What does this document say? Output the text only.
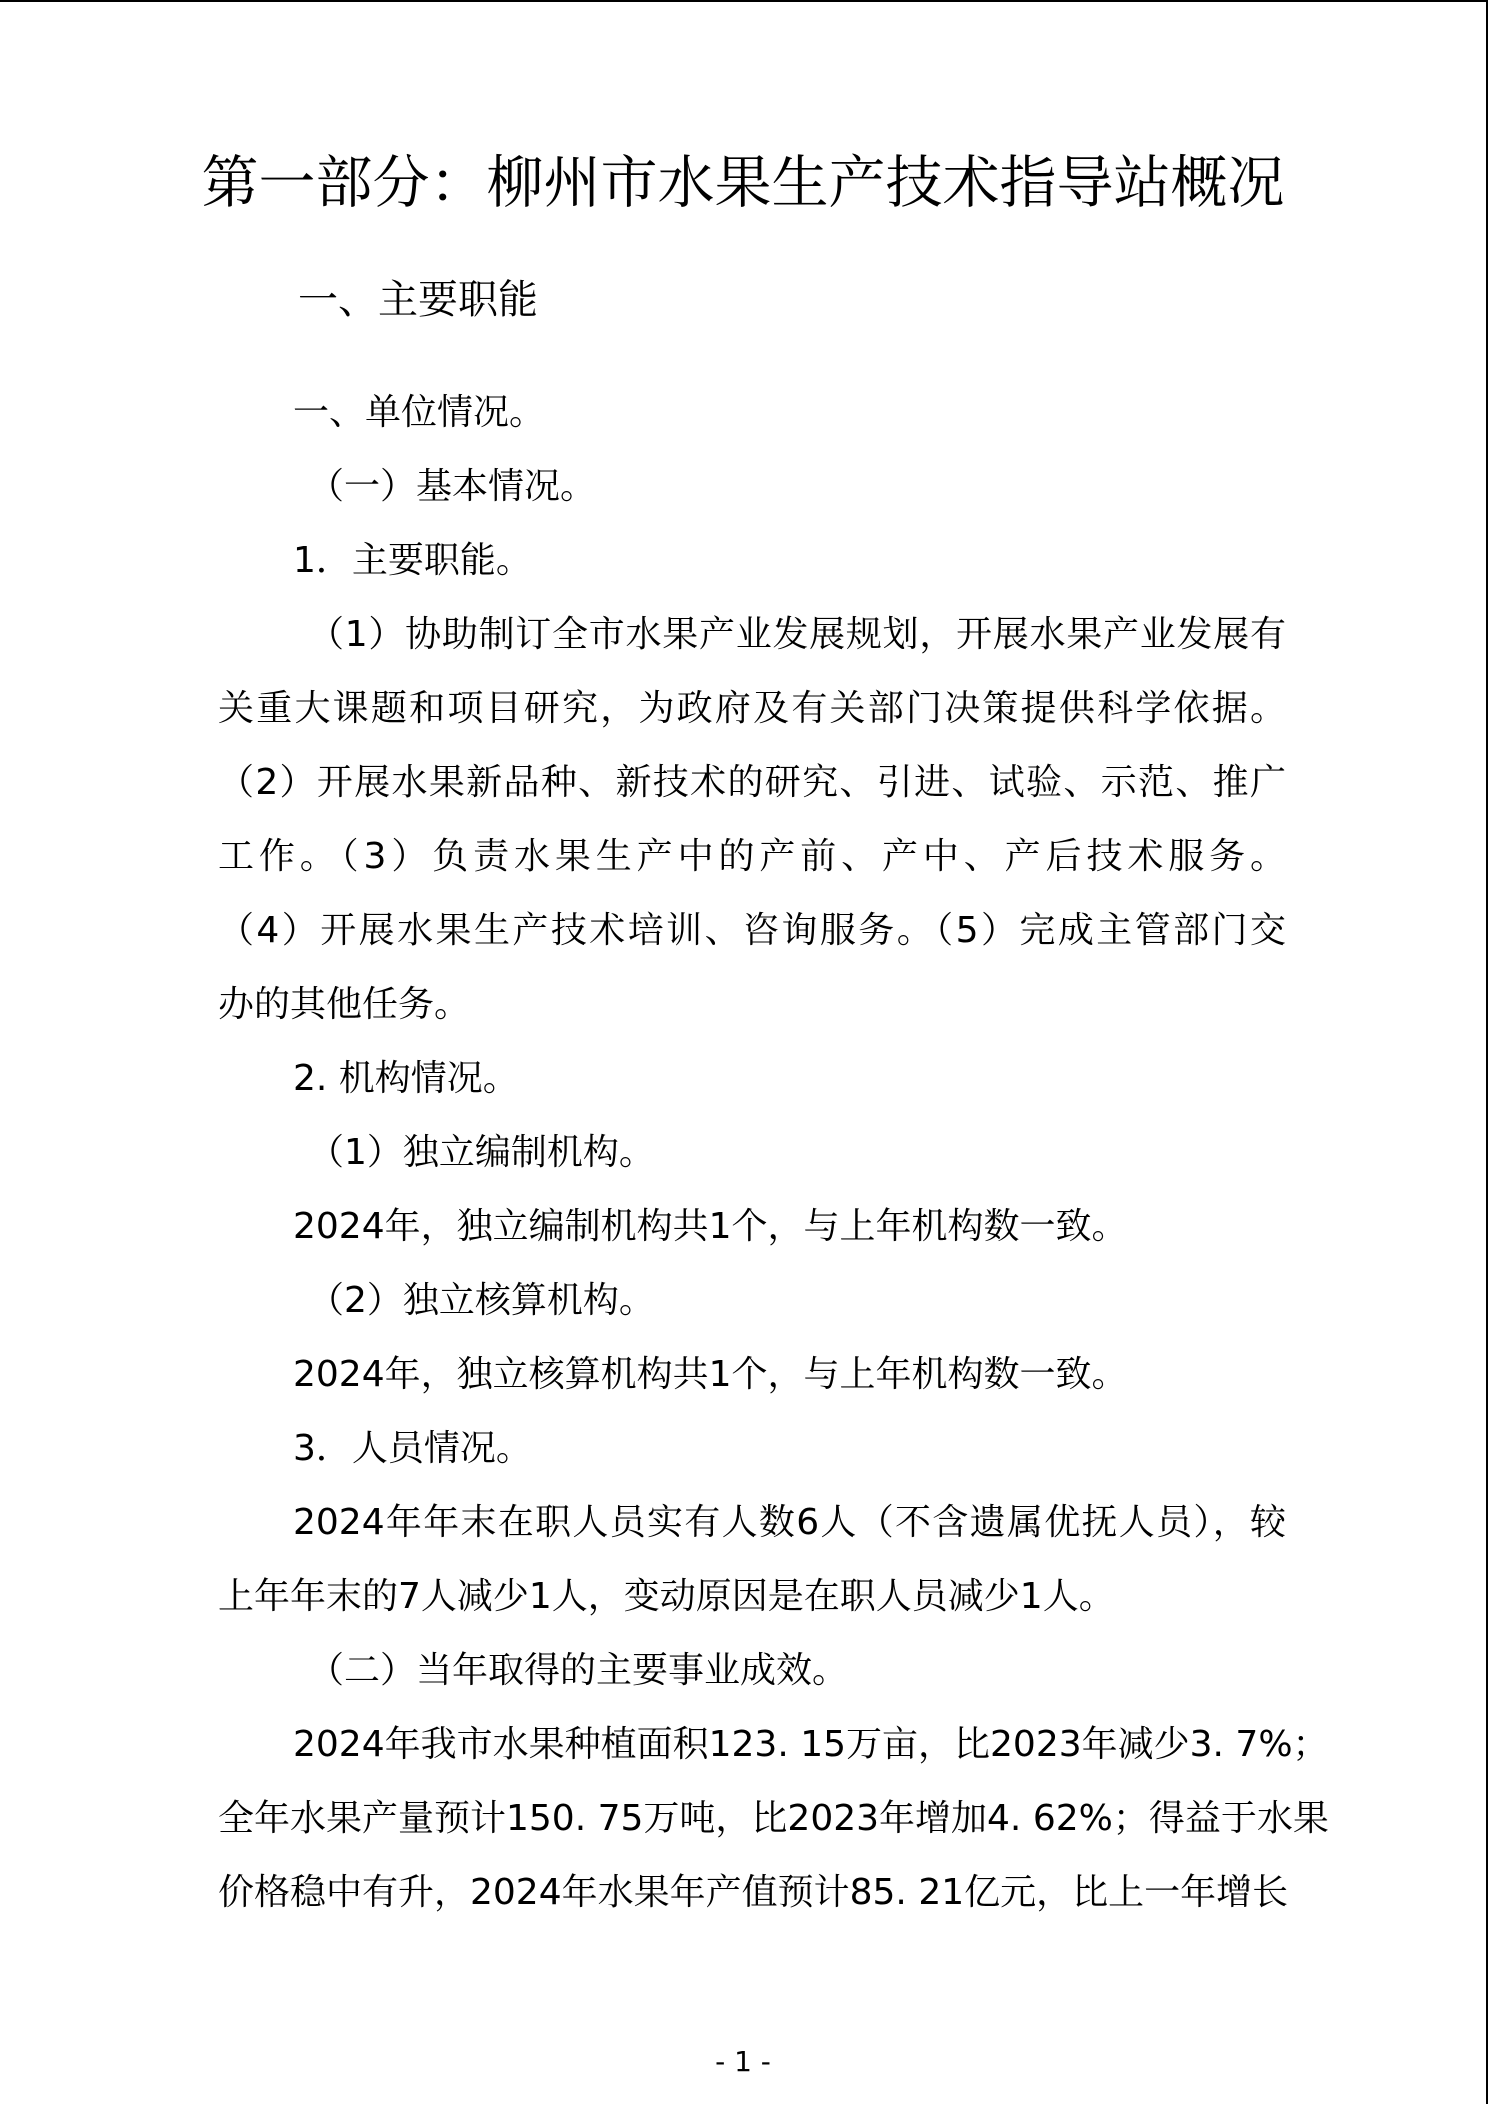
第一部分：柳州市水果生产技术指导站概况
一、主要职能
一、单位情况。
（一）基本情况。
1．主要职能。
（1）协助制订全市水果产业发展规划，开展水果产业发展有
关重大课题和项目研究，为政府及有关部门决策提供科学依据。
（2）开展水果新品种、新技术的研究、引进、试验、示范、推广
工作。（3）负责水果生产中的产前、产中、产后技术服务。
（4）开展水果生产技术培训、咨询服务。（5）完成主管部门交
办的其他任务。
2. 机构情况。
（1）独立编制机构。
2024年，独立编制机构共1个，与上年机构数一致。
（2）独立核算机构。
2024年，独立核算机构共1个，与上年机构数一致。
3．人员情况。
2024年年末在职人员实有人数6人（不含遗属优抚人员），较
上年年末的7人减少1人，变动原因是在职人员减少1人。
（二）当年取得的主要事业成效。
2024年我市水果种植面积123. 15万亩，比2023年减少3. 7%；
全年水果产量预计150. 75万吨，比2023年增加4. 62%；得益于水果
价格稳中有升，2024年水果年产值预计85. 21亿元，比上一年增长
- 1 -
